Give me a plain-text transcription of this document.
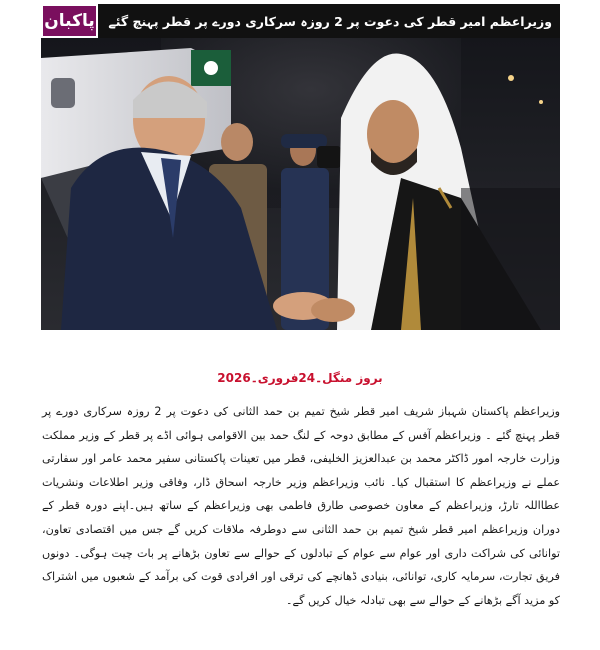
پاکبان	وزیراعظم امیر قطر کی دعوت پر 2 روزہ سرکاری دورے پر قطر پہنچ گئے
بروز منگل۔24فروری۔2026
وزیراعظم پاکستان شہباز شریف امیر قطر شیخ تمیم بن حمد الثانی کی دعوت پر 2 روزہ سرکاری دورے پر قطر پہنچ گئے ۔ وزیراعظم آفس کے مطابق دوحہ کے لنگ حمد بین الاقوامی ہوائی اڈے پر قطر کے وزیر مملکت وزارت خارجہ امور ڈاکٹر محمد بن عبدالعزیز الخلیفی، قطر میں تعینات پاکستانی سفیر محمد عامر اور سفارتی عملے نے وزیراعظم کا استقبال کیا۔ نائب وزیراعظم وزیر خارجہ اسحاق ڈار، وفاقی وزیر اطلاعات ونشریات عطااللہ تارڑ، وزیراعظم کے معاون خصوصی طارق فاطمی بھی وزیراعظم کے ساتھ ہیں۔اپنے دورہ قطر کے دوران وزیراعظم امیر قطر شیخ تمیم بن حمد الثانی سے دوطرفہ ملاقات کریں گے جس میں اقتصادی تعاون، توانائی کی شراکت داری اور عوام سے عوام کے تبادلوں کے حوالے سے تعاون بڑھانے پر بات چیت ہوگی۔ دونوں فریق تجارت، سرمایہ کاری، توانائی، بنیادی ڈھانچے کی ترقی اور افرادی قوت کی برآمد کے شعبوں میں اشتراک کو مزید آگے بڑھانے کے حوالے سے بھی تبادلہ خیال کریں گے۔
